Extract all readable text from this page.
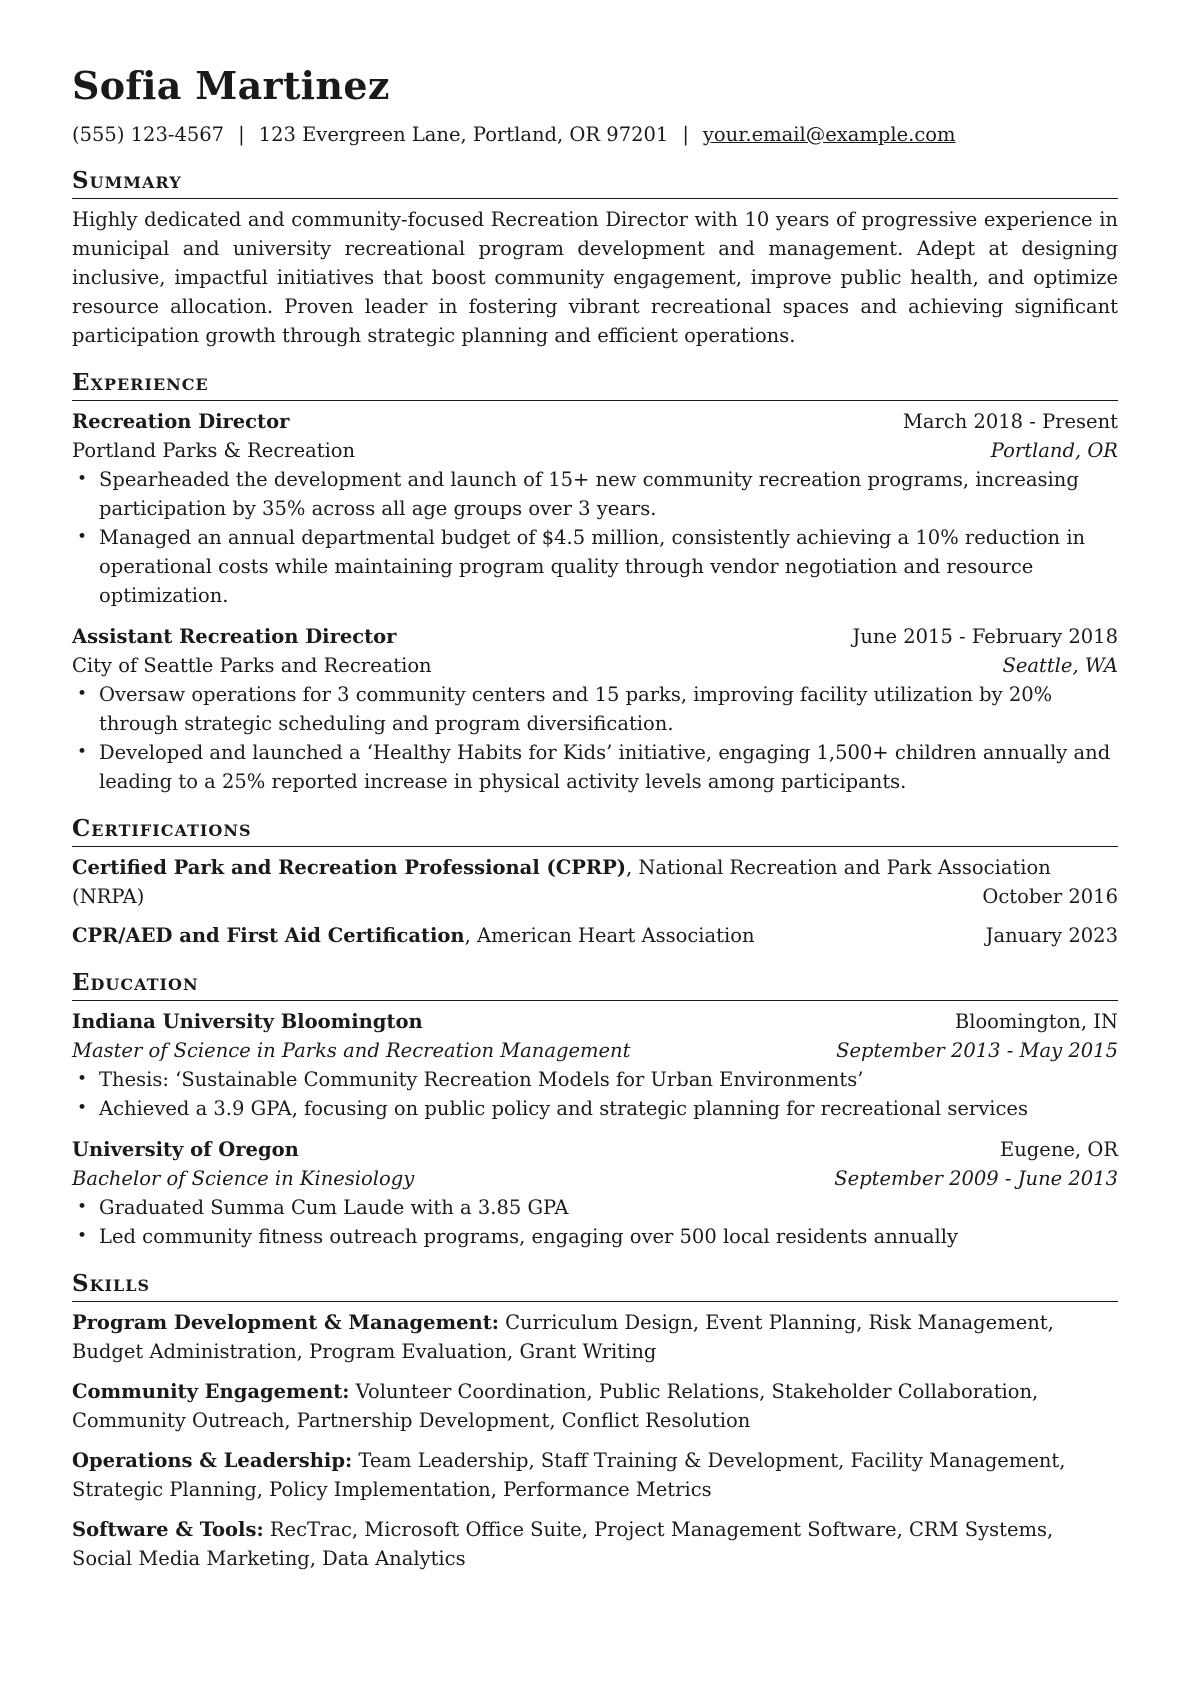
Sofia Martinez
(555) 123-4567 | 123 Evergreen Lane, Portland, OR 97201 | your.email@example.com
Summary
Highly dedicated and community-focused Recreation Director with 10 years of progressive experience in municipal and university recreational program development and management. Adept at designing inclusive, impactful initiatives that boost community engagement, improve public health, and optimize resource allocation. Proven leader in fostering vibrant recreational spaces and achieving significant participation growth through strategic planning and efficient operations.
Experience
Recreation Director	March 2018 - Present
Portland Parks & Recreation	Portland, OR
• Spearheaded the development and launch of 15+ new community recreation programs, increasing participation by 35% across all age groups over 3 years.
• Managed an annual departmental budget of $4.5 million, consistently achieving a 10% reduction in operational costs while maintaining program quality through vendor negotiation and resource optimization.
Assistant Recreation Director	June 2015 - February 2018
City of Seattle Parks and Recreation	Seattle, WA
• Oversaw operations for 3 community centers and 15 parks, improving facility utilization by 20% through strategic scheduling and program diversification.
• Developed and launched a ‘Healthy Habits for Kids’ initiative, engaging 1,500+ children annually and leading to a 25% reported increase in physical activity levels among participants.
Certifications
Certified Park and Recreation Professional (CPRP), National Recreation and Park Association
(NRPA)	October 2016
CPR/AED and First Aid Certification, American Heart Association	January 2023
Education
Indiana University Bloomington	Bloomington, IN
Master of Science in Parks and Recreation Management	September 2013 - May 2015
• Thesis: ‘Sustainable Community Recreation Models for Urban Environments’
• Achieved a 3.9 GPA, focusing on public policy and strategic planning for recreational services
University of Oregon	Eugene, OR
Bachelor of Science in Kinesiology	September 2009 - June 2013
• Graduated Summa Cum Laude with a 3.85 GPA
• Led community fitness outreach programs, engaging over 500 local residents annually
Skills
Program Development & Management: Curriculum Design, Event Planning, Risk Management, Budget Administration, Program Evaluation, Grant Writing
Community Engagement: Volunteer Coordination, Public Relations, Stakeholder Collaboration, Community Outreach, Partnership Development, Conflict Resolution
Operations & Leadership: Team Leadership, Staff Training & Development, Facility Management, Strategic Planning, Policy Implementation, Performance Metrics
Software & Tools: RecTrac, Microsoft Office Suite, Project Management Software, CRM Systems, Social Media Marketing, Data Analytics
